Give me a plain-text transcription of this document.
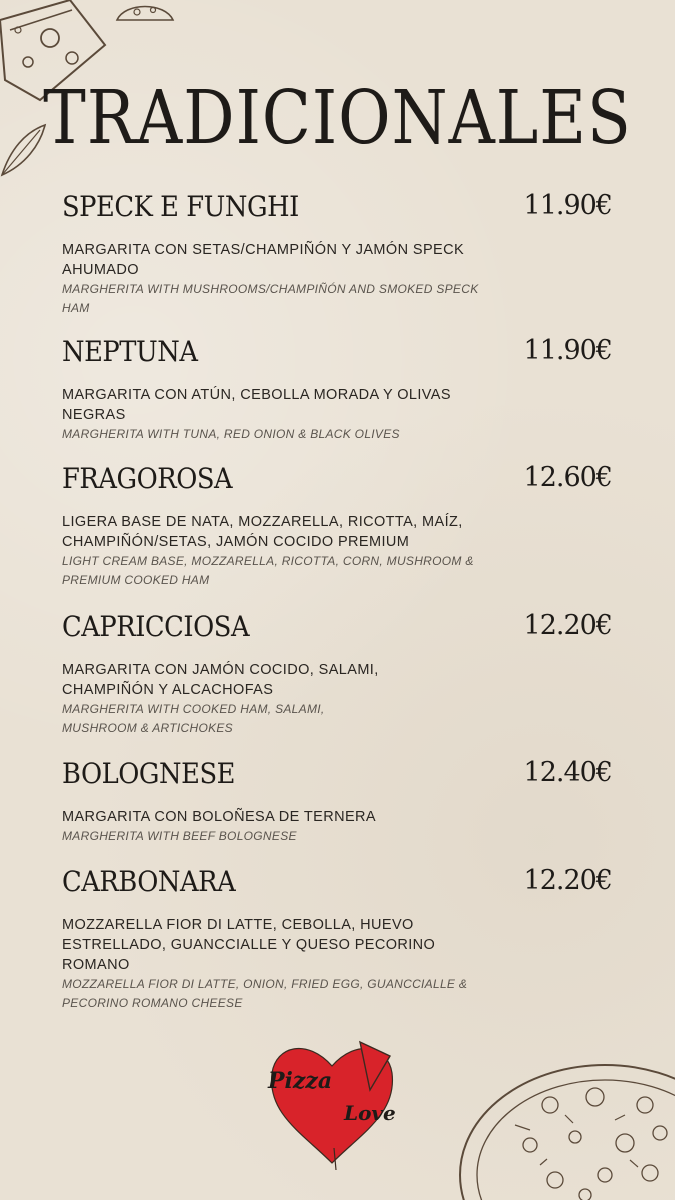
TRADICIONALES
SPECK E FUNGHI	11.90€
MARGARITA CON SETAS/CHAMPIÑÓN Y JAMÓN SPECK AHUMADO
MARGHERITA WITH MUSHROOMS/CHAMPIÑÓN AND SMOKED SPECK HAM
NEPTUNA	11.90€
MARGARITA CON ATÚN, CEBOLLA MORADA Y OLIVAS NEGRAS
MARGHERITA WITH TUNA, RED ONION & BLACK OLIVES
FRAGOROSA	12.60€
LIGERA BASE DE NATA, MOZZARELLA, RICOTTA, MAÍZ, CHAMPIÑÓN/SETAS, JAMÓN COCIDO PREMIUM
LIGHT CREAM BASE, MOZZARELLA, RICOTTA, CORN, MUSHROOM & PREMIUM COOKED HAM
CAPRICCIOSA	12.20€
MARGARITA CON JAMÓN COCIDO, SALAMI, CHAMPIÑÓN Y ALCACHOFAS
MARGHERITA WITH COOKED HAM, SALAMI, MUSHROOM & ARTICHOKES
BOLOGNESE	12.40€
MARGARITA CON BOLOÑESA DE TERNERA
MARGHERITA WITH BEEF BOLOGNESE
CARBONARA	12.20€
MOZZARELLA FIOR DI LATTE, CEBOLLA, HUEVO ESTRELLADO, GUANCCIALLE Y QUESO PECORINO ROMANO
MOZZARELLA FIOR DI LATTE, ONION, FRIED EGG, GUANCCIALLE & PECORINO ROMANO CHEESE
Pizza
Love
